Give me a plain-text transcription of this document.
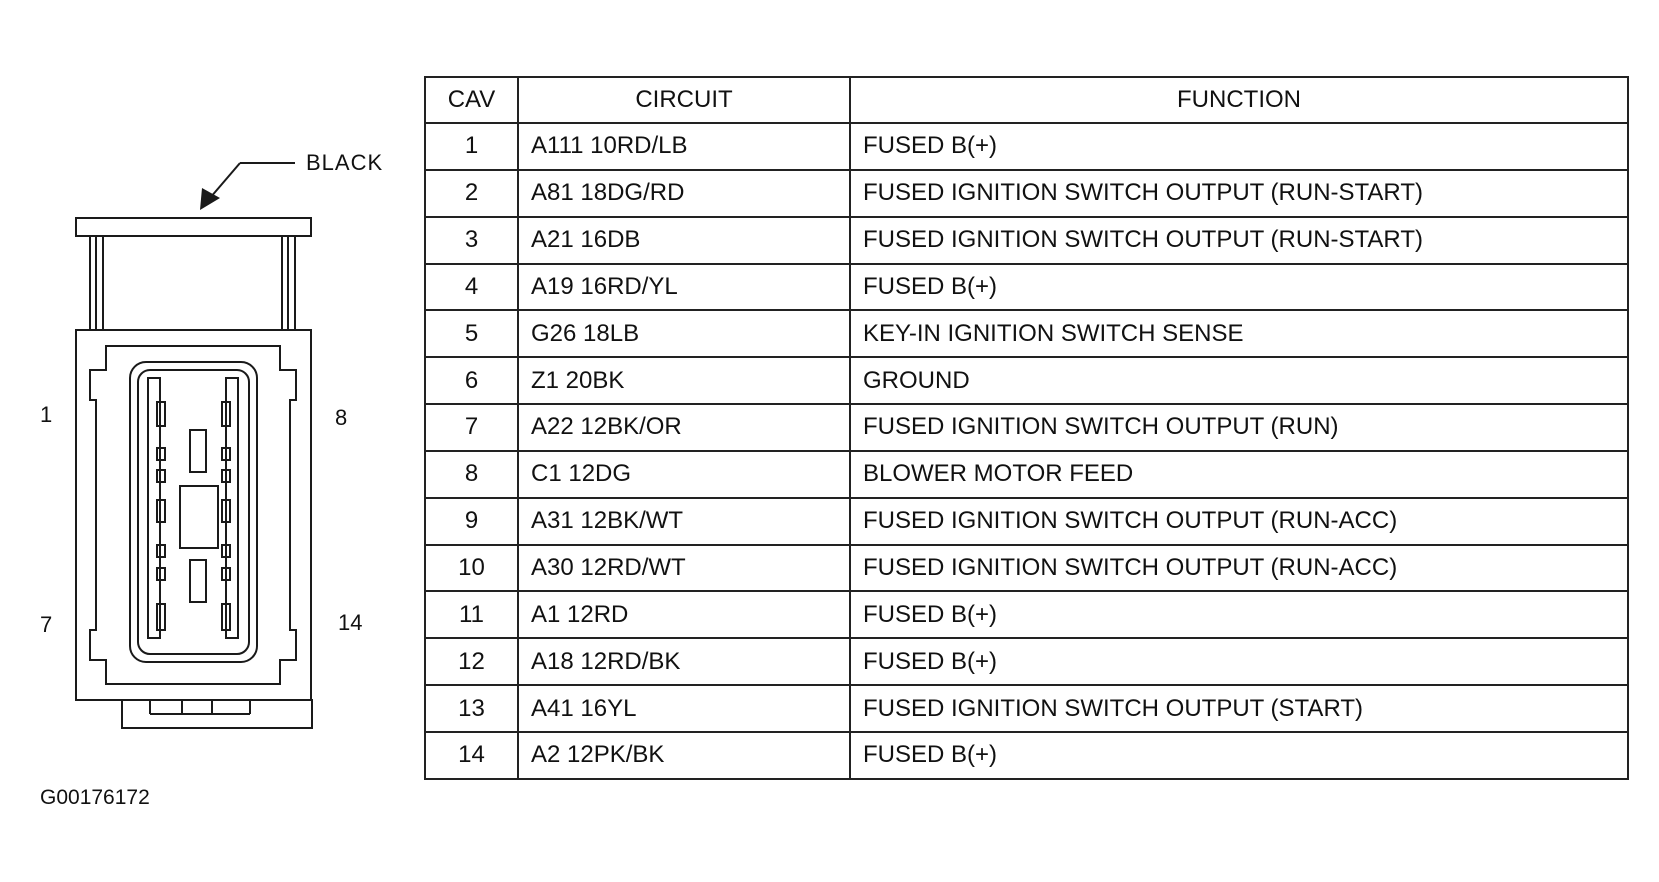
1	8
7	14
BLACK
G00176172
CAV	CIRCUIT	FUNCTION
1	A111 10RD/LB	FUSED B(+)
2	A81 18DG/RD	FUSED IGNITION SWITCH OUTPUT (RUN-START)
3	A21 16DB	FUSED IGNITION SWITCH OUTPUT (RUN-START)
4	A19 16RD/YL	FUSED B(+)
5	G26 18LB	KEY-IN IGNITION SWITCH SENSE
6	Z1 20BK	GROUND
7	A22 12BK/OR	FUSED IGNITION SWITCH OUTPUT (RUN)
8	C1 12DG	BLOWER MOTOR FEED
9	A31 12BK/WT	FUSED IGNITION SWITCH OUTPUT (RUN-ACC)
10	A30 12RD/WT	FUSED IGNITION SWITCH OUTPUT (RUN-ACC)
11	A1 12RD	FUSED B(+)
12	A18 12RD/BK	FUSED B(+)
13	A41 16YL	FUSED IGNITION SWITCH OUTPUT (START)
14	A2 12PK/BK	FUSED B(+)
